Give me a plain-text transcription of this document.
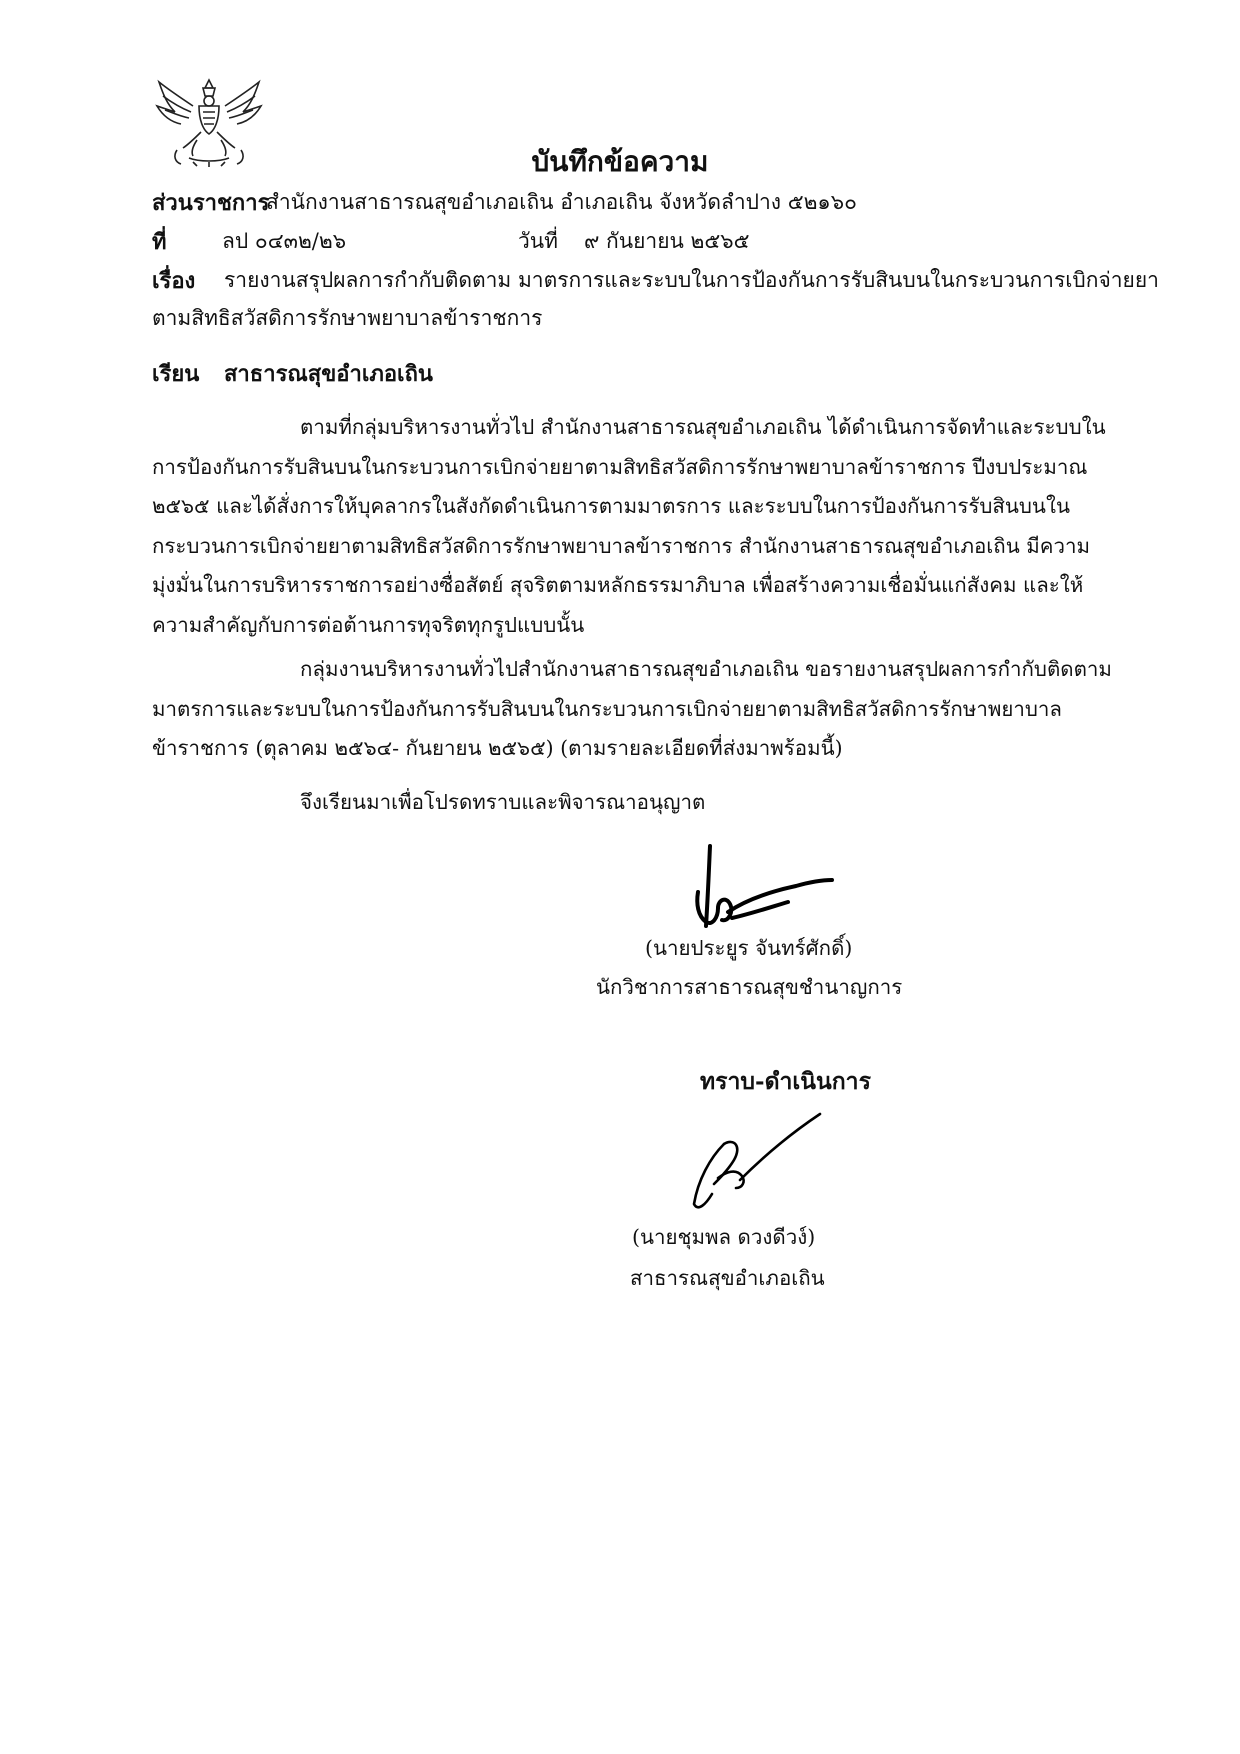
บันทึกข้อความ
ส่วนราชการ
สำนักงานสาธารณสุขอำเภอเถิน อำเภอเถิน จังหวัดลำปาง ๕๒๑๖๐
ที่	ลป ๐๔๓๒/๒๖	วันที่ ๙ กันยายน ๒๕๖๕
เรื่อง รายงานสรุปผลการกำกับติดตาม มาตรการและระบบในการป้องกันการรับสินบนในกระบวนการเบิกจ่ายยา
ตามสิทธิสวัสดิการรักษาพยาบาลข้าราชการ
เรียน สาธารณสุขอำเภอเถิน

ตามที่กลุ่มบริหารงานทั่วไป สำนักงานสาธารณสุขอำเภอเถิน ได้ดำเนินการจัดทำและระบบใน

การป้องกันการรับสินบนในกระบวนการเบิกจ่ายยาตามสิทธิสวัสดิการรักษาพยาบาลข้าราชการ ปีงบประมาณ

๒๕๖๕ และได้สั่งการให้บุคลากรในสังกัดดำเนินการตามมาตรการ และระบบในการป้องกันการรับสินบนใน

กระบวนการเบิกจ่ายยาตามสิทธิสวัสดิการรักษาพยาบาลข้าราชการ สำนักงานสาธารณสุขอำเภอเถิน มีความ

มุ่งมั่นในการบริหารราชการอย่างซื่อสัตย์ สุจริตตามหลักธรรมาภิบาล เพื่อสร้างความเชื่อมั่นแก่สังคม และให้

ความสำคัญกับการต่อต้านการทุจริตทุกรูปแบบนั้น

กลุ่มงานบริหารงานทั่วไปสำนักงานสาธารณสุขอำเภอเถิน ขอรายงานสรุปผลการกำกับติดตาม

มาตรการและระบบในการป้องกันการรับสินบนในกระบวนการเบิกจ่ายยาตามสิทธิสวัสดิการรักษาพยาบาล

ข้าราชการ (ตุลาคม ๒๕๖๔- กันยายน ๒๕๖๕) (ตามรายละเอียดที่ส่งมาพร้อมนี้)

จึงเรียนมาเพื่อโปรดทราบและพิจารณาอนุญาต
(นายประยูร จันทร์ศักดิ์)
นักวิชาการสาธารณสุขชำนาญการ
ทราบ-ดำเนินการ
(นายชุมพล ดวงดีวง์)
สาธารณสุขอำเภอเถิน
